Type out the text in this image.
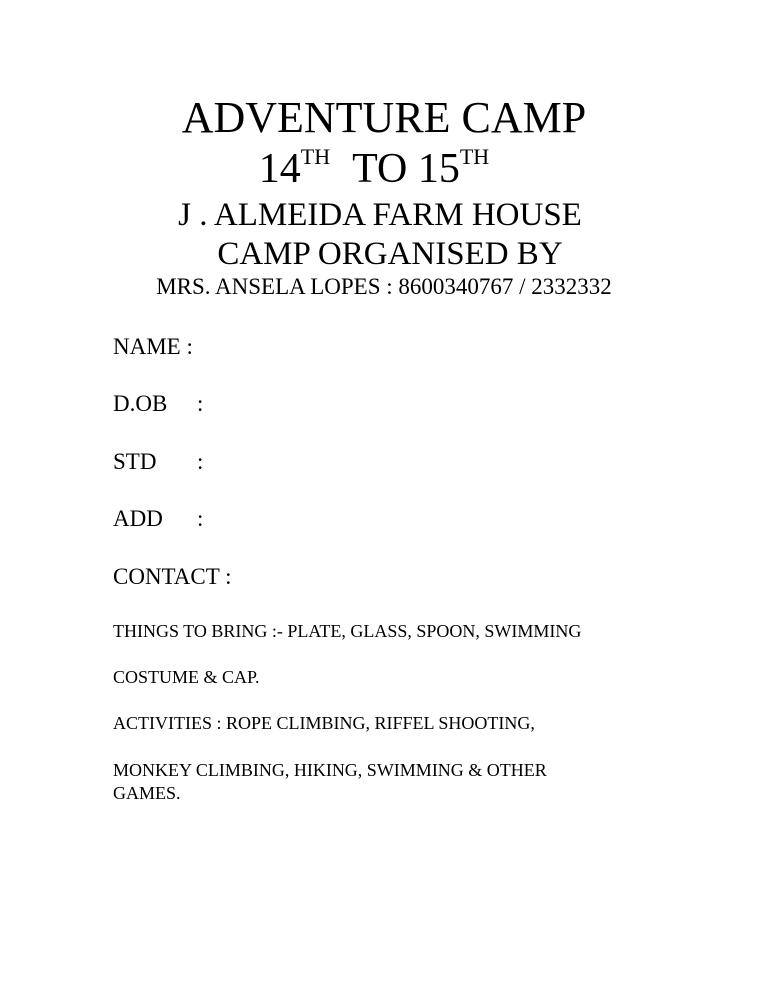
ADVENTURE CAMP
14TH TO 15TH
J . ALMEIDA FARM HOUSE
CAMP ORGANISED BY
MRS. ANSELA LOPES : 8600340767 / 2332332
NAME :
D.OB :
STD :
ADD :
CONTACT :
THINGS TO BRING :- PLATE, GLASS, SPOON, SWIMMING
COSTUME & CAP.
ACTIVITIES : ROPE CLIMBING, RIFFEL SHOOTING,
MONKEY CLIMBING, HIKING, SWIMMING & OTHER
GAMES.
